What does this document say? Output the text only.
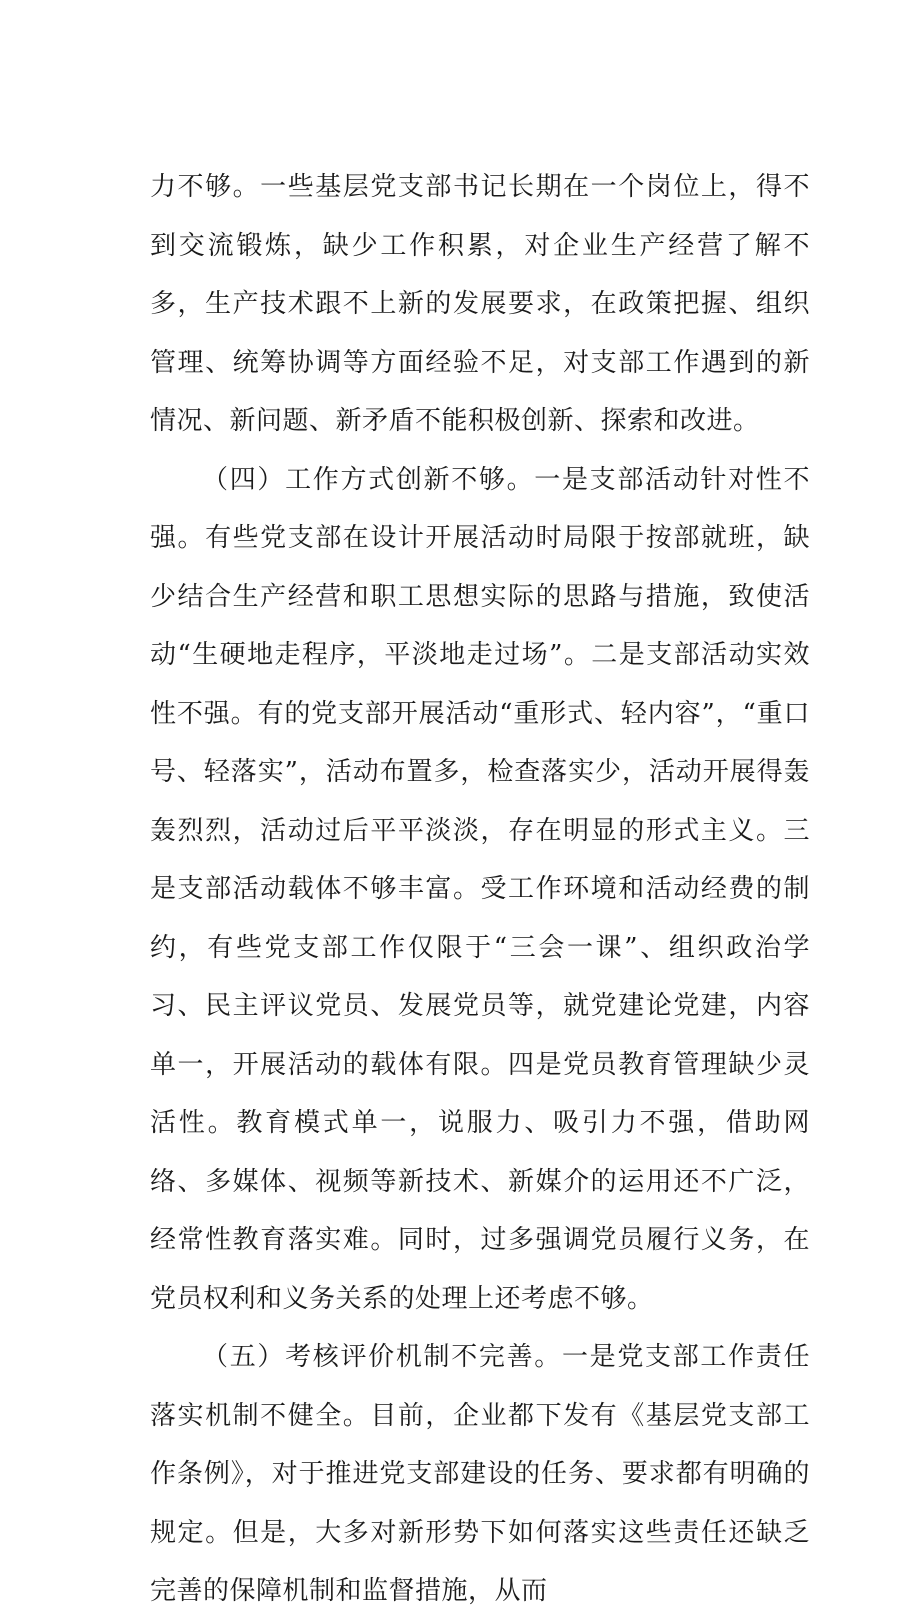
力不够。一些基层党支部书记长期在一个岗位上，得不到交流锻炼，缺少工作积累，对企业生产经营了解不多，生产技术跟不上新的发展要求，在政策把握、组织管理、统筹协调等方面经验不足，对支部工作遇到的新情况、新问题、新矛盾不能积极创新、探索和改进。

（四）工作方式创新不够。一是支部活动针对性不强。有些党支部在设计开展活动时局限于按部就班，缺少结合生产经营和职工思想实际的思路与措施，致使活动“生硬地走程序，平淡地走过场”。二是支部活动实效性不强。有的党支部开展活动“重形式、轻内容”，“重口号、轻落实”，活动布置多，检查落实少，活动开展得轰轰烈烈，活动过后平平淡淡，存在明显的形式主义。三是支部活动载体不够丰富。受工作环境和活动经费的制约，有些党支部工作仅限于“三会一课”、组织政治学习、民主评议党员、发展党员等，就党建论党建，内容单一，开展活动的载体有限。四是党员教育管理缺少灵活性。教育模式单一，说服力、吸引力不强，借助网络、多媒体、视频等新技术、新媒介的运用还不广泛，经常性教育落实难。同时，过多强调党员履行义务，在党员权利和义务关系的处理上还考虑不够。

（五）考核评价机制不完善。一是党支部工作责任落实机制不健全。目前，企业都下发有《基层党支部工作条例》，对于推进党支部建设的任务、要求都有明确的规定。但是，大多对新形势下如何落实这些责任还缺乏完善的保障机制和监督措施，从而
